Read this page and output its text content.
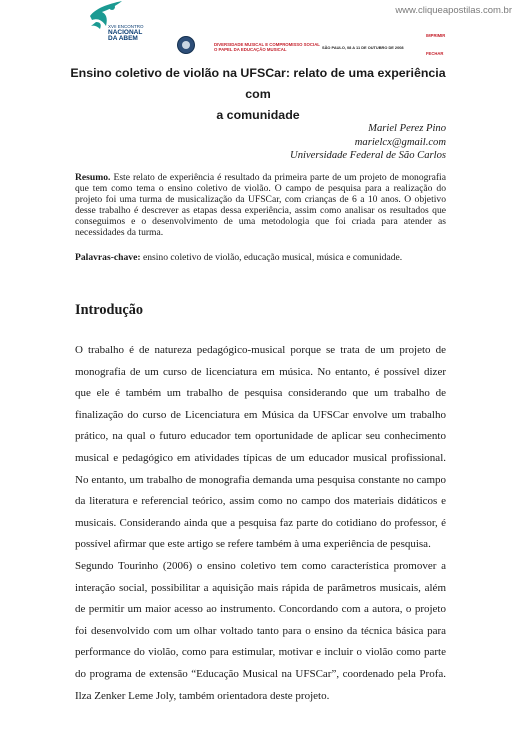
www.cliqueapostilas.com.br
XVII ENCONTRO
NACIONAL
DA ABEM
DIVERSIDADE MUSICAL E COMPROMISSO SOCIAL
O PAPEL DA EDUCAÇÃO MUSICAL	SÃO PAULO, 08 A 11 DE OUTUBRO DE 2008
IMPRIMIR
FECHAR
Ensino coletivo de violão na UFSCar: relato de uma experiência com
a comunidade
Mariel Perez Pino
marielcx@gmail.com
Universidade Federal de São Carlos

Resumo. Este relato de experiência é resultado da primeira parte de um projeto de monografia que tem como tema o ensino coletivo de violão. O campo de pesquisa para a realização do projeto foi uma turma de musicalização da UFSCar, com crianças de 6 a 10 anos. O objetivo desse trabalho é descrever as etapas dessa experiência, assim como analisar os resultados que conseguimos e o desenvolvimento de uma metodologia que foi criada para atender as necessidades da turma.

Palavras-chave: ensino coletivo de violão, educação musical, música e comunidade.

Introdução

O trabalho é de natureza pedagógico-musical porque se trata de um projeto de monografia de um curso de licenciatura em música. No entanto, é possível dizer que ele é também um trabalho de pesquisa considerando que um trabalho de finalização do curso de Licenciatura em Música da UFSCar envolve um trabalho prático, na qual o futuro educador tem oportunidade de aplicar seu conhecimento musical e pedagógico em atividades típicas de um educador musical profissional. No entanto, um trabalho de monografia demanda uma pesquisa constante no campo da literatura e referencial teórico, assim como no campo dos materiais didáticos e musicais. Considerando ainda que a pesquisa faz parte do cotidiano do professor, é possível afirmar que este artigo se refere também à uma experiência de pesquisa.

Segundo Tourinho (2006) o ensino coletivo tem como característica promover a interação social, possibilitar a aquisição mais rápida de parâmetros musicais, além de permitir um maior acesso ao instrumento. Concordando com a autora, o projeto foi desenvolvido com um olhar voltado tanto para o ensino da técnica básica para performance do violão, como para estimular, motivar e incluir o violão como parte do programa de extensão “Educação Musical na UFSCar”, coordenado pela Profa. Ilza Zenker Leme Joly, também orientadora deste projeto.
